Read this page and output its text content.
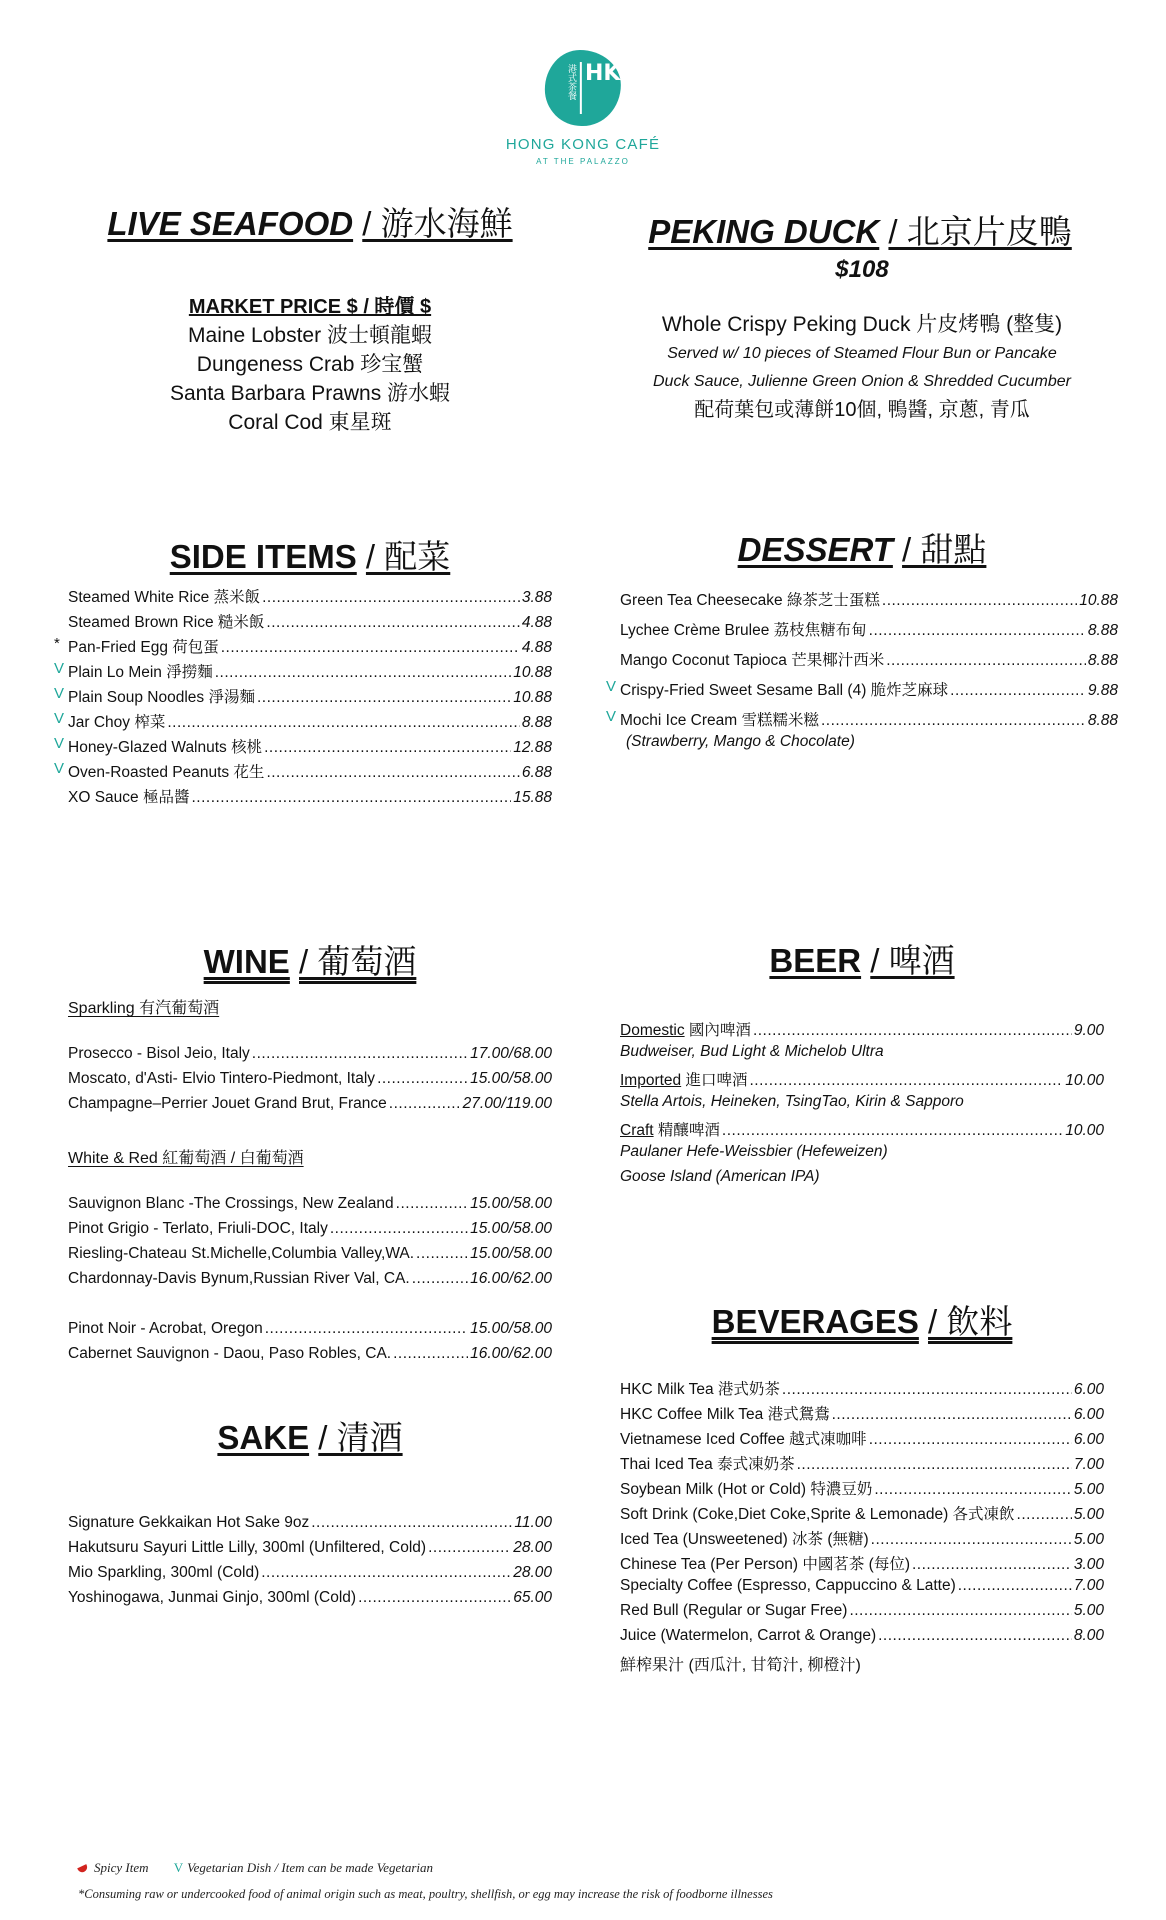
港式茶餐 HK
HONG KONG CAFÉ
AT THE PALAZZO
LIVE SEAFOOD / 游水海鮮
MARKET PRICE $ / 時價 $
Maine Lobster 波士頓龍蝦
Dungeness Crab 珍宝蟹
Santa Barbara Prawns 游水蝦
Coral Cod 東星斑
PEKING DUCK / 北京片皮鴨
$108
Whole Crispy Peking Duck 片皮烤鴨 (整隻)
Served w/ 10 pieces of Steamed Flour Bun or Pancake
Duck Sauce, Julienne Green Onion & Shredded Cucumber
配荷葉包或薄餅10個, 鴨醬, 京蔥, 青瓜
SIDE ITEMS / 配菜
Steamed White Rice 蒸米飯 .....	3.88
Steamed Brown Rice 糙米飯 .....	4.88
* Pan-Fried Egg 荷包蛋 .....	4.88
V Plain Lo Mein 淨撈麵 .....	10.88
V Plain Soup Noodles 淨湯麵 .....	10.88
V Jar Choy 榨菜 .....	8.88
V Honey-Glazed Walnuts 核桃 .....	12.88
V Oven-Roasted Peanuts 花生 .....	6.88
XO Sauce 極品醬 .....	15.88
DESSERT / 甜點
Green Tea Cheesecake 綠茶芝士蛋糕 .....	10.88
Lychee Crème Brulee 荔枝焦糖布甸 .....	8.88
Mango Coconut Tapioca 芒果椰汁西米 .....	8.88
V Crispy-Fried Sweet Sesame Ball (4) 脆炸芝麻球 .....	9.88
V Mochi Ice Cream 雪糕糯米糍 .....	8.88
(Strawberry, Mango & Chocolate)
WINE / 葡萄酒
Sparkling 有汽葡萄酒
Prosecco - Bisol Jeio, Italy .....	17.00/68.00
Moscato, d'Asti- Elvio Tintero-Piedmont, Italy .....	15.00/58.00
Champagne–Perrier Jouet Grand Brut, France .....	27.00/119.00
White & Red 紅葡萄酒 / 白葡萄酒
Sauvignon Blanc -The Crossings, New Zealand .....	15.00/58.00
Pinot Grigio - Terlato, Friuli-DOC, Italy .....	15.00/58.00
Riesling-Chateau St.Michelle,Columbia Valley,WA. .....	15.00/58.00
Chardonnay-Davis Bynum,Russian River Val, CA. .....	16.00/62.00
Pinot Noir - Acrobat, Oregon .....	15.00/58.00
Cabernet Sauvignon - Daou, Paso Robles, CA. .....	16.00/62.00
SAKE / 清酒
Signature Gekkaikan Hot Sake 9oz .....	11.00
Hakutsuru Sayuri Little Lilly, 300ml (Unfiltered, Cold) .....	28.00
Mio Sparkling, 300ml (Cold) .....	28.00
Yoshinogawa, Junmai Ginjo, 300ml (Cold) .....	65.00
BEER / 啤酒
Domestic 國內啤酒 .....	9.00
Budweiser, Bud Light & Michelob Ultra
Imported 進口啤酒 .....	10.00
Stella Artois, Heineken, TsingTao, Kirin & Sapporo
Craft 精釀啤酒 .....	10.00
Paulaner Hefe-Weissbier (Hefeweizen)
Goose Island (American IPA)
BEVERAGES / 飲料
HKC Milk Tea 港式奶茶 .....	6.00
HKC Coffee Milk Tea 港式鴛鴦 .....	6.00
Vietnamese Iced Coffee 越式凍咖啡 .....	6.00
Thai Iced Tea 泰式凍奶茶 .....	7.00
Soybean Milk (Hot or Cold) 特濃豆奶 .....	5.00
Soft Drink (Coke,Diet Coke,Sprite & Lemonade) 各式凍飲 .....	5.00
Iced Tea (Unsweetened) 冰茶 (無糖) .....	5.00
Chinese Tea (Per Person) 中國茗茶 (每位) .....	3.00
Specialty Coffee (Espresso, Cappuccino & Latte) .....	7.00
Red Bull (Regular or Sugar Free) .....	5.00
Juice (Watermelon, Carrot & Orange) .....	8.00
鮮榨果汁 (西瓜汁, 甘筍汁, 柳橙汁)
Spicy Item V Vegetarian Dish / Item can be made Vegetarian
*Consuming raw or undercooked food of animal origin such as meat, poultry, shellfish, or egg may increase the risk of foodborne illnesses
